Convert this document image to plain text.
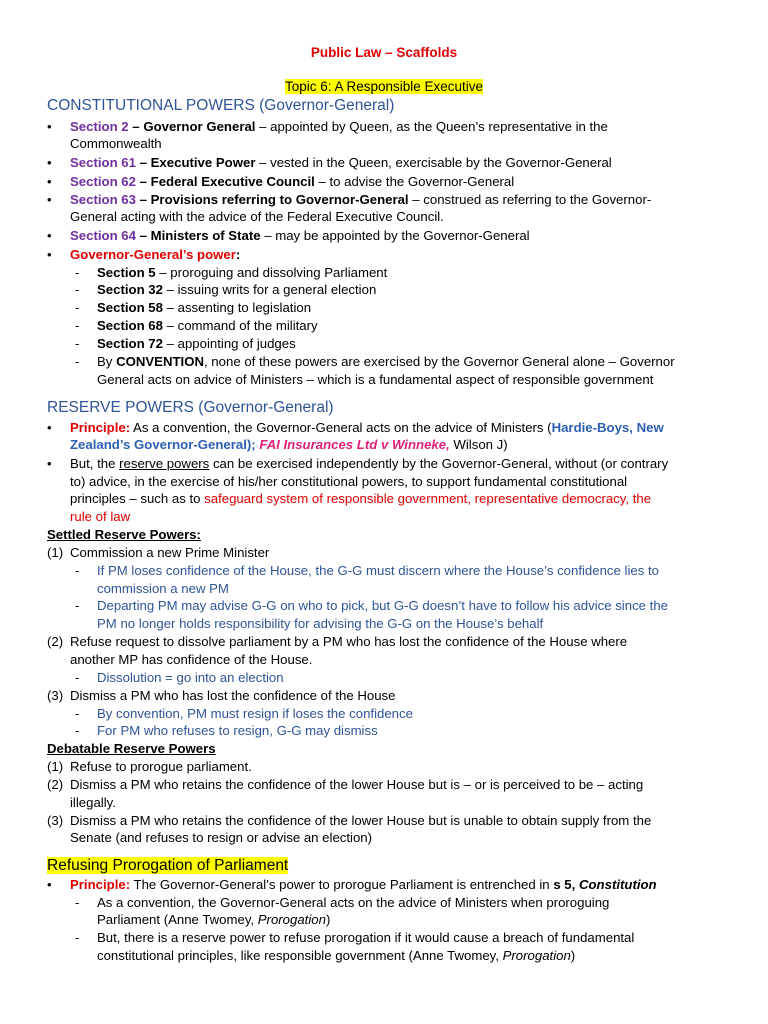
Public Law – Scaffolds
Topic 6: A Responsible Executive
CONSTITUTIONAL POWERS (Governor-General)
• Section 2 – Governor General – appointed by Queen, as the Queen’s representative in the
Commonwealth
• Section 61 – Executive Power – vested in the Queen, exercisable by the Governor-General
• Section 62 – Federal Executive Council – to advise the Governor-General
• Section 63 – Provisions referring to Governor-General – construed as referring to the Governor-
General acting with the advice of the Federal Executive Council.
• Section 64 – Ministers of State – may be appointed by the Governor-General
• Governor-General’s power:
- Section 5 – proroguing and dissolving Parliament
- Section 32 – issuing writs for a general election
- Section 58 – assenting to legislation
- Section 68 – command of the military
- Section 72 – appointing of judges
- By CONVENTION, none of these powers are exercised by the Governor General alone – Governor
General acts on advice of Ministers – which is a fundamental aspect of responsible government
RESERVE POWERS (Governor-General)
• Principle: As a convention, the Governor-General acts on the advice of Ministers (Hardie-Boys, New
Zealand’s Governor-General); FAI Insurances Ltd v Winneke, Wilson J)
• But, the reserve powers can be exercised independently by the Governor-General, without (or contrary
to) advice, in the exercise of his/her constitutional powers, to support fundamental constitutional
principles – such as to safeguard system of responsible government, representative democracy, the
rule of law
Settled Reserve Powers:
(1) Commission a new Prime Minister
- If PM loses confidence of the House, the G-G must discern where the House’s confidence lies to
commission a new PM
- Departing PM may advise G-G on who to pick, but G-G doesn’t have to follow his advice since the
PM no longer holds responsibility for advising the G-G on the House’s behalf
(2) Refuse request to dissolve parliament by a PM who has lost the confidence of the House where
another MP has confidence of the House.
- Dissolution = go into an election
(3) Dismiss a PM who has lost the confidence of the House
- By convention, PM must resign if loses the confidence
- For PM who refuses to resign, G-G may dismiss
Debatable Reserve Powers
(1) Refuse to prorogue parliament.
(2) Dismiss a PM who retains the confidence of the lower House but is – or is perceived to be – acting
illegally.
(3) Dismiss a PM who retains the confidence of the lower House but is unable to obtain supply from the
Senate (and refuses to resign or advise an election)
Refusing Prorogation of Parliament
• Principle: The Governor-General’s power to prorogue Parliament is entrenched in s 5, Constitution
- As a convention, the Governor-General acts on the advice of Ministers when proroguing
Parliament (Anne Twomey, Prorogation)
- But, there is a reserve power to refuse prorogation if it would cause a breach of fundamental
constitutional principles, like responsible government (Anne Twomey, Prorogation)
